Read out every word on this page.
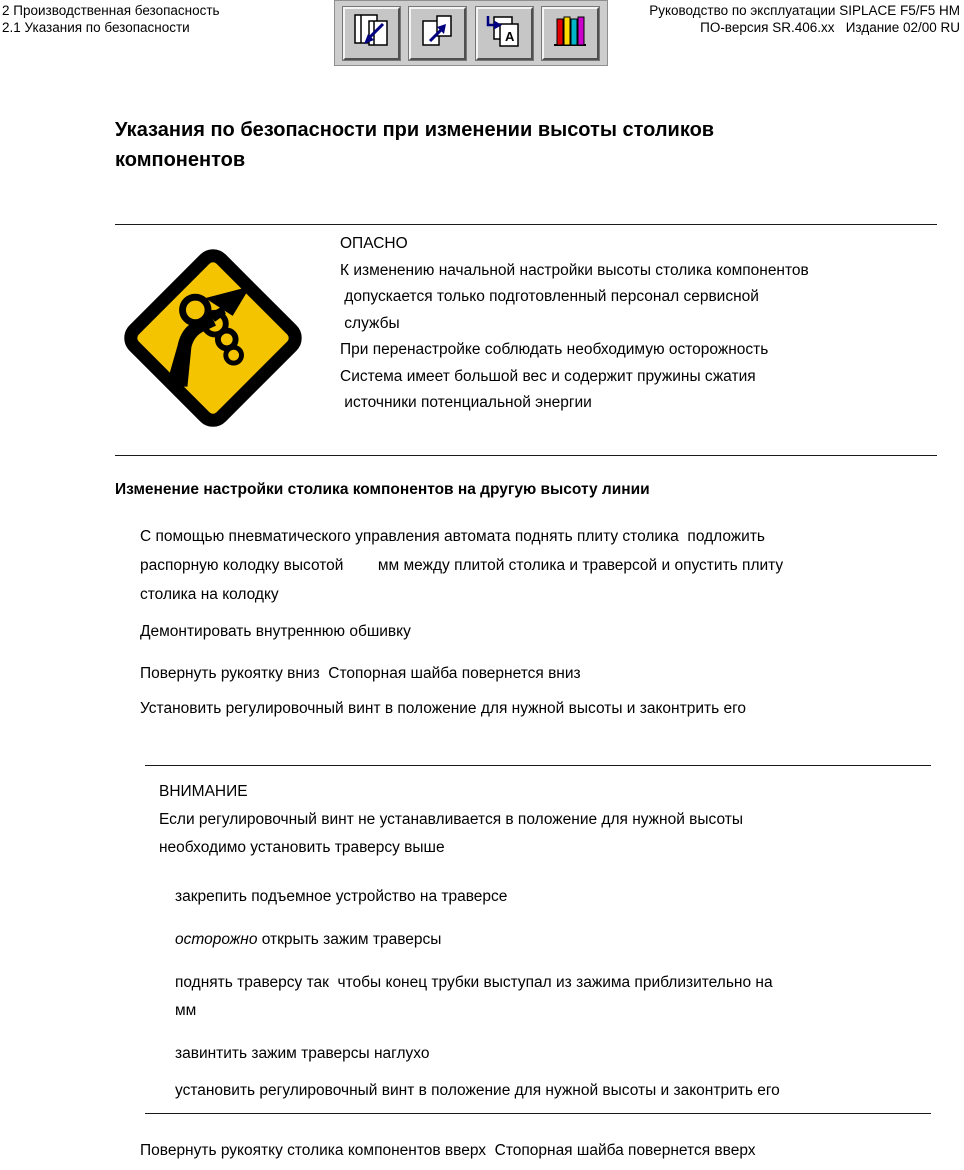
2 Производственная безопасность
2.1 Указания по безопасности
A
Руководство по эксплуатации SIPLACE F5/F5 HM
ПО-версия SR.406.xx   Издание 02/00 RU
Указания по безопасности при изменении высоты столиков компонентов
ОПАСНО
К изменению начальной настройки высоты столика компонентов
допускается только подготовленный персонал сервисной
службы
При перенастройке соблюдать необходимую осторожность
Система имеет большой вес и содержит пружины сжатия
источники потенциальной энергии
Изменение настройки столика компонентов на другую высоту линии
С помощью пневматического управления автомата поднять плиту столика  подложить
распорную колодку высотой        мм между плитой столика и траверсой и опустить плиту
столика на колодку
Демонтировать внутреннюю обшивку
Повернуть рукоятку вниз  Стопорная шайба повернется вниз
Установить регулировочный винт в положение для нужной высоты и законтрить его
ВНИМАНИЕ
Если регулировочный винт не устанавливается в положение для нужной высоты
необходимо установить траверсу выше
закрепить подъемное устройство на траверсе
осторожно открыть зажим траверсы
поднять траверсу так  чтобы конец трубки выступал из зажима приблизительно на
мм
завинтить зажим траверсы наглухо
установить регулировочный винт в положение для нужной высоты и законтрить его
Повернуть рукоятку столика компонентов вверх  Стопорная шайба повернется вверх
